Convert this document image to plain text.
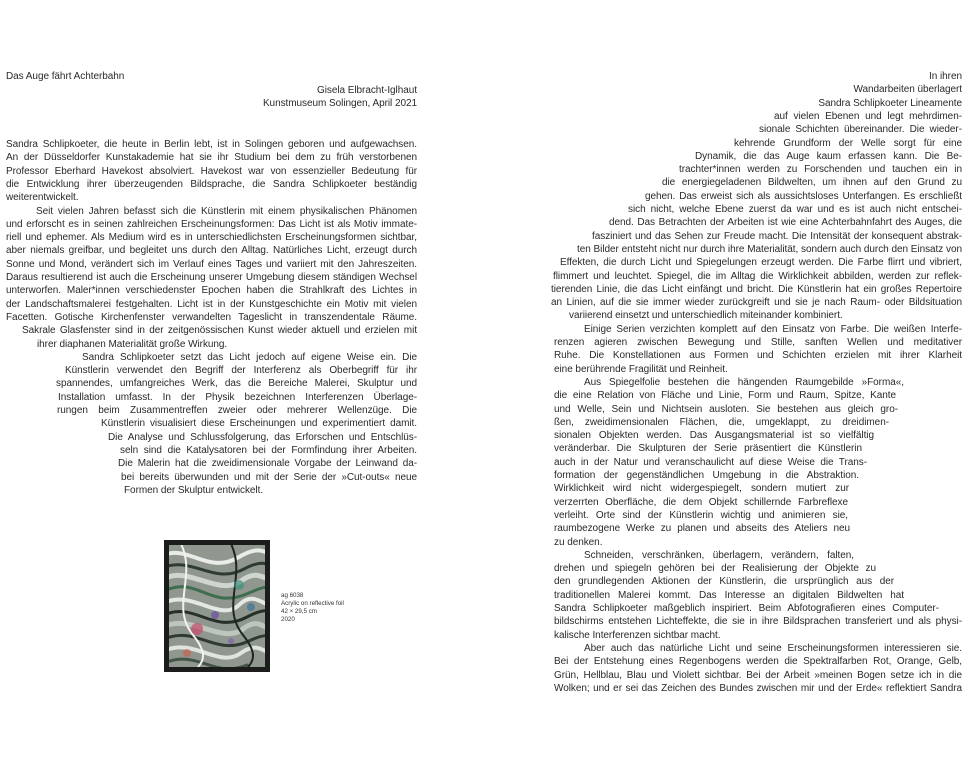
Das Auge fährt Achterbahn
Gisela Elbracht-Iglhaut
Kunstmuseum Solingen, April 2021
ag 6038
Acrylic on reflective foil
42 × 29,5 cm
2020
Sandra Schlipkoeter, die heute in Berlin lebt, ist in Solingen geboren und aufgewachsen.
An der Düsseldorfer Kunstakademie hat sie ihr Studium bei dem zu früh verstorbenen
Professor Eberhard Havekost absolviert. Havekost war von essenzieller Bedeutung für
die Entwicklung ihrer überzeugenden Bildsprache, die Sandra Schlipkoeter beständig
weiterentwickelt.
Seit vielen Jahren befasst sich die Künstlerin mit einem physikalischen Phänomen
und erforscht es in seinen zahlreichen Erscheinungsformen: Das Licht ist als Motiv immate-
riell und ephemer. Als Medium wird es in unterschiedlichsten Erscheinungsformen sichtbar,
aber niemals greifbar, und begleitet uns durch den Alltag. Natürliches Licht, erzeugt durch
Sonne und Mond, verändert sich im Verlauf eines Tages und variiert mit den Jahreszeiten.
Daraus resultierend ist auch die Erscheinung unserer Umgebung diesem ständigen Wechsel
unterworfen. Maler*innen verschiedenster Epochen haben die Strahlkraft des Lichtes in
der Landschaftsmalerei festgehalten. Licht ist in der Kunstgeschichte ein Motiv mit vielen
Facetten. Gotische Kirchenfenster verwandelten Tageslicht in transzendentale Räume.
Sakrale Glasfenster sind in der zeitgenössischen Kunst wieder aktuell und erzielen mit
ihrer diaphanen Materialität große Wirkung.
Sandra Schlipkoeter setzt das Licht jedoch auf eigene Weise ein. Die
Künstlerin verwendet den Begriff der Interferenz als Oberbegriff für ihr
spannendes, umfangreiches Werk, das die Bereiche Malerei, Skulptur und
Installation umfasst. In der Physik bezeichnen Interferenzen Überlage-
rungen beim Zusammentreffen zweier oder mehrerer Wellenzüge. Die
Künstlerin visualisiert diese Erscheinungen und experimentiert damit.
Die Analyse und Schlussfolgerung, das Erforschen und Entschlüs-
seln sind die Katalysatoren bei der Formfindung ihrer Arbeiten.
Die Malerin hat die zweidimensionale Vorgabe der Leinwand da-
bei bereits überwunden und mit der Serie der »Cut-outs« neue
Formen der Skulptur entwickelt.
In ihren
Wandarbeiten überlagert
Sandra Schlipkoeter Lineamente
auf vielen Ebenen und legt mehrdimen-
sionale Schichten übereinander. Die wieder-
kehrende Grundform der Welle sorgt für eine
Dynamik, die das Auge kaum erfassen kann. Die Be-
trachter*innen werden zu Forschenden und tauchen ein in
die energiegeladenen Bildwelten, um ihnen auf den Grund zu
gehen. Das erweist sich als aussichtsloses Unterfangen. Es erschließt
sich nicht, welche Ebene zuerst da war und es ist auch nicht entschei-
dend. Das Betrachten der Arbeiten ist wie eine Achterbahnfahrt des Auges, die
fasziniert und das Sehen zur Freude macht. Die Intensität der konsequent abstrak-
ten Bilder entsteht nicht nur durch ihre Materialität, sondern auch durch den Einsatz von
Effekten, die durch Licht und Spiegelungen erzeugt werden. Die Farbe flirrt und vibriert,
flimmert und leuchtet. Spiegel, die im Alltag die Wirklichkeit abbilden, werden zur reflek-
tierenden Linie, die das Licht einfängt und bricht. Die Künstlerin hat ein großes Repertoire
an Linien, auf die sie immer wieder zurückgreift und sie je nach Raum- oder Bildsituation
variierend einsetzt und unterschiedlich miteinander kombiniert.
Einige Serien verzichten komplett auf den Einsatz von Farbe. Die weißen Interfe-
renzen agieren zwischen Bewegung und Stille, sanften Wellen und meditativer
Ruhe. Die Konstellationen aus Formen und Schichten erzielen mit ihrer Klarheit
eine berührende Fragilität und Reinheit.
Aus Spiegelfolie bestehen die hängenden Raumgebilde »Forma«,
die eine Relation von Fläche und Linie, Form und Raum, Spitze, Kante
und Welle, Sein und Nichtsein ausloten. Sie bestehen aus gleich gro-
ßen, zweidimensionalen Flächen, die, umgeklappt, zu dreidimen-
sionalen Objekten werden. Das Ausgangsmaterial ist so vielfältig
veränderbar. Die Skulpturen der Serie präsentiert die Künstlerin
auch in der Natur und veranschaulicht auf diese Weise die Trans-
formation der gegenständlichen Umgebung in die Abstraktion.
Wirklichkeit wird nicht widergespiegelt, sondern mutiert zur
verzerrten Oberfläche, die dem Objekt schillernde Farbreflexe
verleiht. Orte sind der Künstlerin wichtig und animieren sie,
raumbezogene Werke zu planen und abseits des Ateliers neu
zu denken.
Schneiden, verschränken, überlagern, verändern, falten,
drehen und spiegeln gehören bei der Realisierung der Objekte zu
den grundlegenden Aktionen der Künstlerin, die ursprünglich aus der
traditionellen Malerei kommt. Das Interesse an digitalen Bildwelten hat
Sandra Schlipkoeter maßgeblich inspiriert. Beim Abfotografieren eines Computer-
bildschirms entstehen Lichteffekte, die sie in ihre Bildsprachen transferiert und als physi-
kalische Interferenzen sichtbar macht.
Aber auch das natürliche Licht und seine Erscheinungsformen interessieren sie.
Bei der Entstehung eines Regenbogens werden die Spektralfarben Rot, Orange, Gelb,
Grün, Hellblau, Blau und Violett sichtbar. Bei der Arbeit »meinen Bogen setze ich in die
Wolken; und er sei das Zeichen des Bundes zwischen mir und der Erde« reflektiert Sandra
